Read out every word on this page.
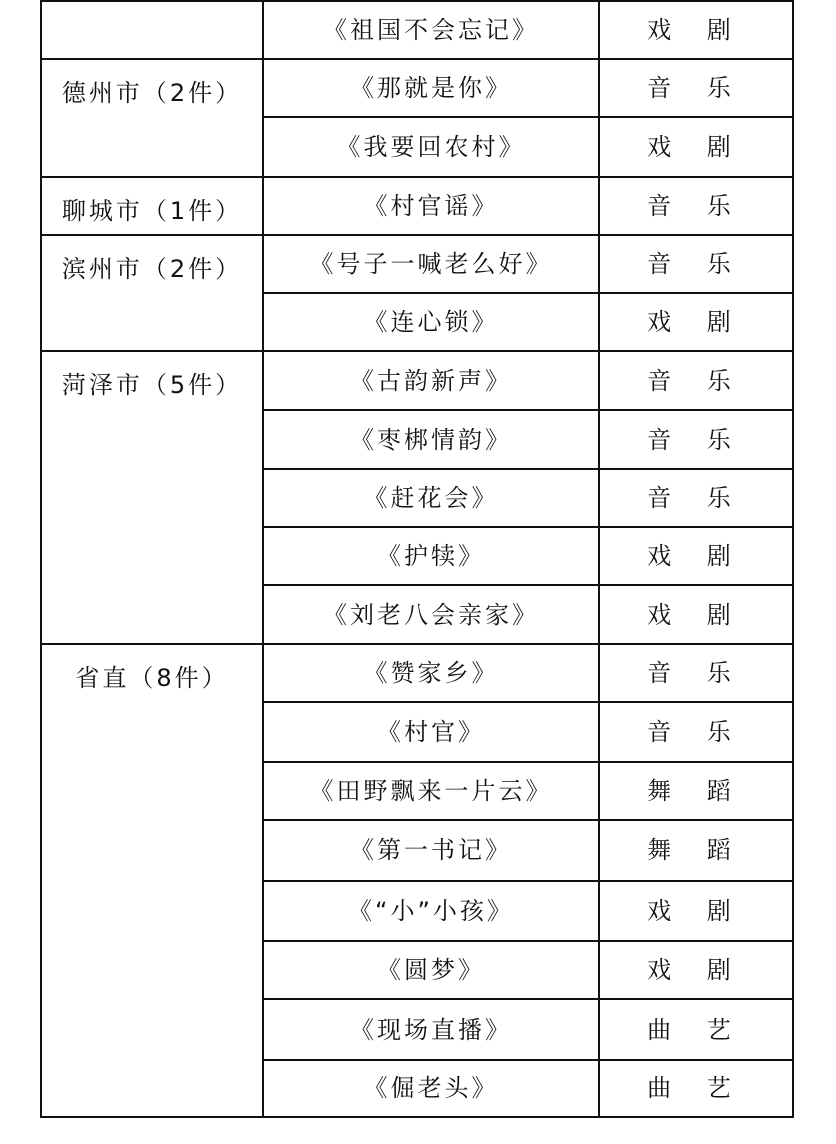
	《祖国不会忘记》	戏 剧
德州市（2件）	《那就是你》	音 乐
	《我要回农村》	戏 剧
聊城市（1件）	《村官谣》	音 乐
滨州市（2件）	《号子一喊老么好》	音 乐
	《连心锁》	戏 剧
菏泽市（5件）	《古韵新声》	音 乐
	《枣梆情韵》	音 乐
	《赶花会》	音 乐
	《护犊》	戏 剧
	《刘老八会亲家》	戏 剧
省直（8件）	《赞家乡》	音 乐
	《村官》	音 乐
	《田野飘来一片云》	舞 蹈
	《第一书记》	舞 蹈
	《“小”小孩》	戏 剧
	《圆梦》	戏 剧
	《现场直播》	曲 艺
	《倔老头》	曲 艺
